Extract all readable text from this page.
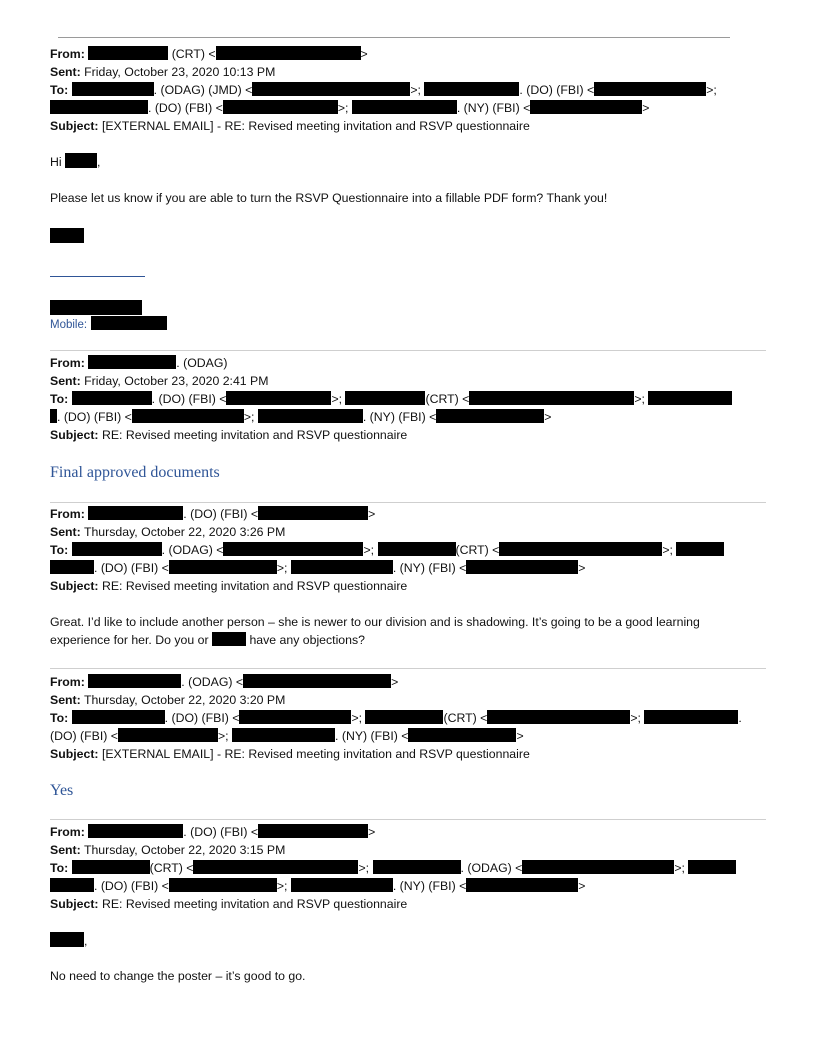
From:	(CRT) <	>
Sent: Friday, October 23, 2020 10:13 PM
To:	. (ODAG) (JMD) <	>;	. (DO) (FBI) <	>;
. (DO) (FBI) <	>;	. (NY) (FBI) <	>
Subject: [EXTERNAL EMAIL] - RE: Revised meeting invitation and RSVP questionnaire
Hi	,
Please let us know if you are able to turn the RSVP Questionnaire into a fillable PDF form? Thank you!
Mobile:
From:	. (ODAG)
Sent: Friday, October 23, 2020 2:41 PM
To:	. (DO) (FBI) <	>;	(CRT) <	>;
. (DO) (FBI) <	>;	. (NY) (FBI) <	>
Subject: RE: Revised meeting invitation and RSVP questionnaire
Final approved documents
From:	. (DO) (FBI) <	>
Sent: Thursday, October 22, 2020 3:26 PM
To:	. (ODAG) <	>;	(CRT) <	>;
. (DO) (FBI) <	>;	. (NY) (FBI) <	>
Subject: RE: Revised meeting invitation and RSVP questionnaire
Great. I’d like to include another person – she is newer to our division and is shadowing. It’s going to be a good learning
experience for her. Do you or	have any objections?
From:	. (ODAG) <	>
Sent: Thursday, October 22, 2020 3:20 PM
To:	. (DO) (FBI) <	>;	(CRT) <	>;	.
(DO) (FBI) <	>;	. (NY) (FBI) <	>
Subject: [EXTERNAL EMAIL] - RE: Revised meeting invitation and RSVP questionnaire
Yes
From:	. (DO) (FBI) <	>
Sent: Thursday, October 22, 2020 3:15 PM
To:	(CRT) <	>;	. (ODAG) <	>;
. (DO) (FBI) <	>;	. (NY) (FBI) <	>
Subject: RE: Revised meeting invitation and RSVP questionnaire
,
No need to change the poster – it’s good to go.
